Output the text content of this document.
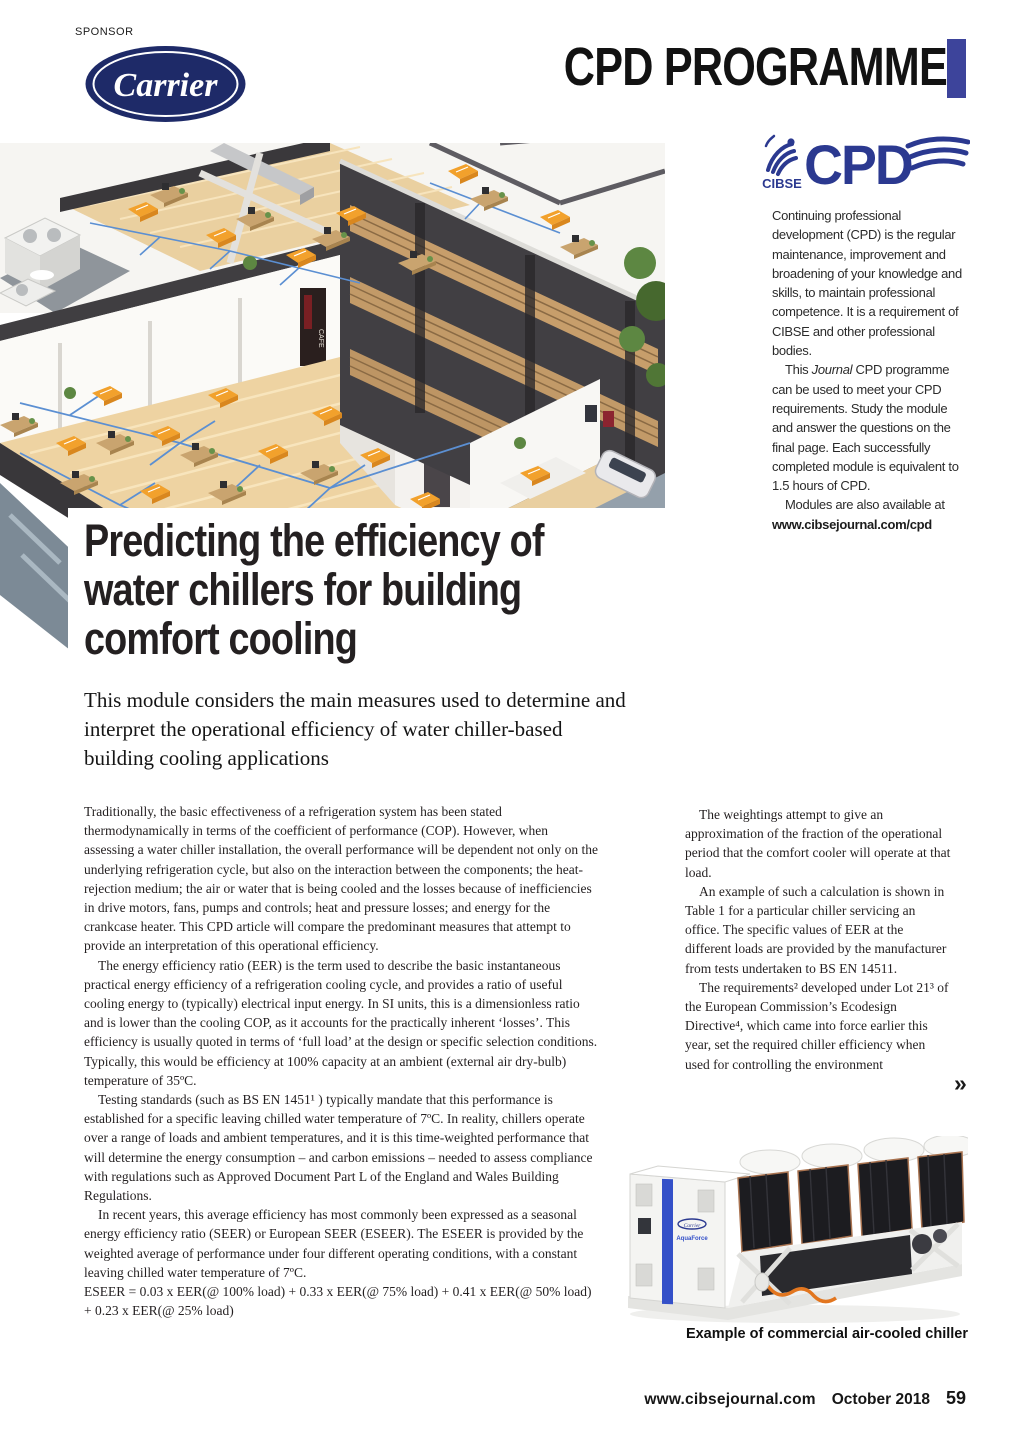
SPONSOR
Carrier	CPD PROGRAMME
CAFE
CIBSE CPD

Continuing professional development (CPD) is the regular maintenance, improvement and broadening of your knowledge and skills, to maintain professional competence. It is a requirement of CIBSE and other professional bodies.

This Journal CPD programme can be used to meet your CPD requirements. Study the module and answer the questions on the final page. Each successfully completed module is equivalent to 1.5 hours of CPD.

Modules are also available at
www.cibsejournal.com/cpd

Predicting the efficiency of
water chillers for building
comfort cooling
This module considers the main measures used to determine and interpret the operational efficiency of water chiller-based building cooling applications

Traditionally, the basic effectiveness of a refrigeration system has been stated thermodynamically in terms of the coefficient of performance (COP). However, when assessing a water chiller installation, the overall performance will be dependent not only on the underlying refrigeration cycle, but also on the interaction between the components; the heat-rejection medium; the air or water that is being cooled and the losses because of inefficiencies in drive motors, fans, pumps and controls; heat and pressure losses; and energy for the crankcase heater. This CPD article will compare the predominant measures that attempt to provide an interpretation of this operational efficiency.

The energy efficiency ratio (EER) is the term used to describe the basic instantaneous practical energy efficiency of a refrigeration cooling cycle, and provides a ratio of useful cooling energy to (typically) electrical input energy. In SI units, this is a dimensionless ratio and is lower than the cooling COP, as it accounts for the practically inherent ‘losses’. This efficiency is usually quoted in terms of ‘full load’ at the design or specific selection conditions. Typically, this would be efficiency at 100% capacity at an ambient (external air dry-bulb) temperature of 35ºC.

Testing standards (such as BS EN 1451¹ ) typically mandate that this performance is established for a specific leaving chilled water temperature of 7ºC. In reality, chillers operate over a range of loads and ambient temperatures, and it is this time-weighted performance that will determine the energy consumption – and carbon emissions – needed to assess compliance with regulations such as Approved Document Part L of the England and Wales Building Regulations.

In recent years, this average efficiency has most commonly been expressed as a seasonal energy efficiency ratio (SEER) or European SEER (ESEER). The ESEER is provided by the weighted average of performance under four different operating conditions, with a constant leaving chilled water temperature of 7ºC.

ESEER = 0.03 x EER(@ 100% load) + 0.33 x EER(@ 75% load) + 0.41 x EER(@ 50% load) + 0.23 x EER(@ 25% load)

The weightings attempt to give an approximation of the fraction of the operational period that the comfort cooler will operate at that load.

An example of such a calculation is shown in Table 1 for a particular chiller servicing an office. The specific values of EER at the different loads are provided by the manufacturer from tests undertaken to BS EN 14511.

The requirements² developed under Lot 21³ of the European Commission’s Ecodesign Directive⁴, which came into force earlier this year, set the required chiller efficiency when used for controlling the environment

»
Carrier
AquaForce
Example of commercial air-cooled chiller
www.cibsejournal.com October 2018 59
